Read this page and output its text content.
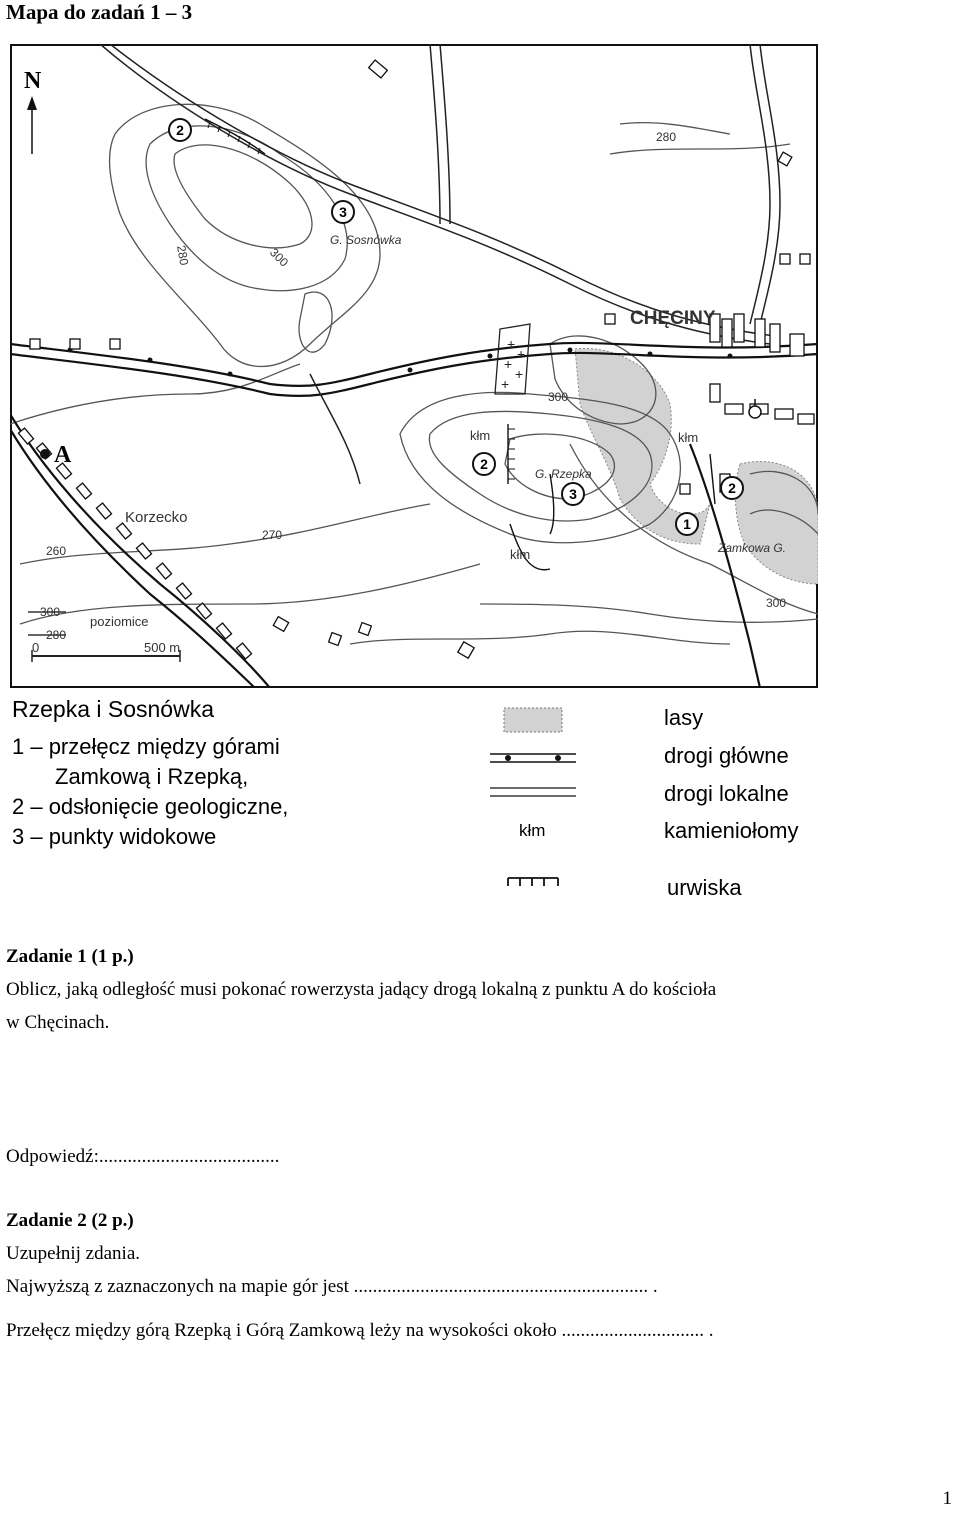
Mapa do zadań 1 – 3
+
+
+
+
+
N
A
2
3
2
3
1
2
CHĘCINY
Korzecko
G. Sosnówka
G. Rzepka
Zamkowa G.
kłm	kłm
kłm
280
300
270
260
300
280	300
300
280
poziomice
0	500 m
Rzepka i Sosnówka
1 – przełęcz między górami
Zamkową i Rzepką,
2 – odsłonięcie geologiczne,
3 – punkty widokowe	kłm
lasy
drogi główne
drogi lokalne
kamieniołomy
urwiska
Zadanie 1 (1 p.)
Oblicz, jaką odległość musi pokonać rowerzysta jadący drogą lokalną z punktu A do kościoła
w Chęcinach.
Odpowiedź:......................................
Zadanie 2 (2 p.)
Uzupełnij zdania.
Najwyższą z zaznaczonych na mapie gór jest .............................................................. .
Przełęcz między górą Rzepką i Górą Zamkową leży na wysokości około .............................. .
1
